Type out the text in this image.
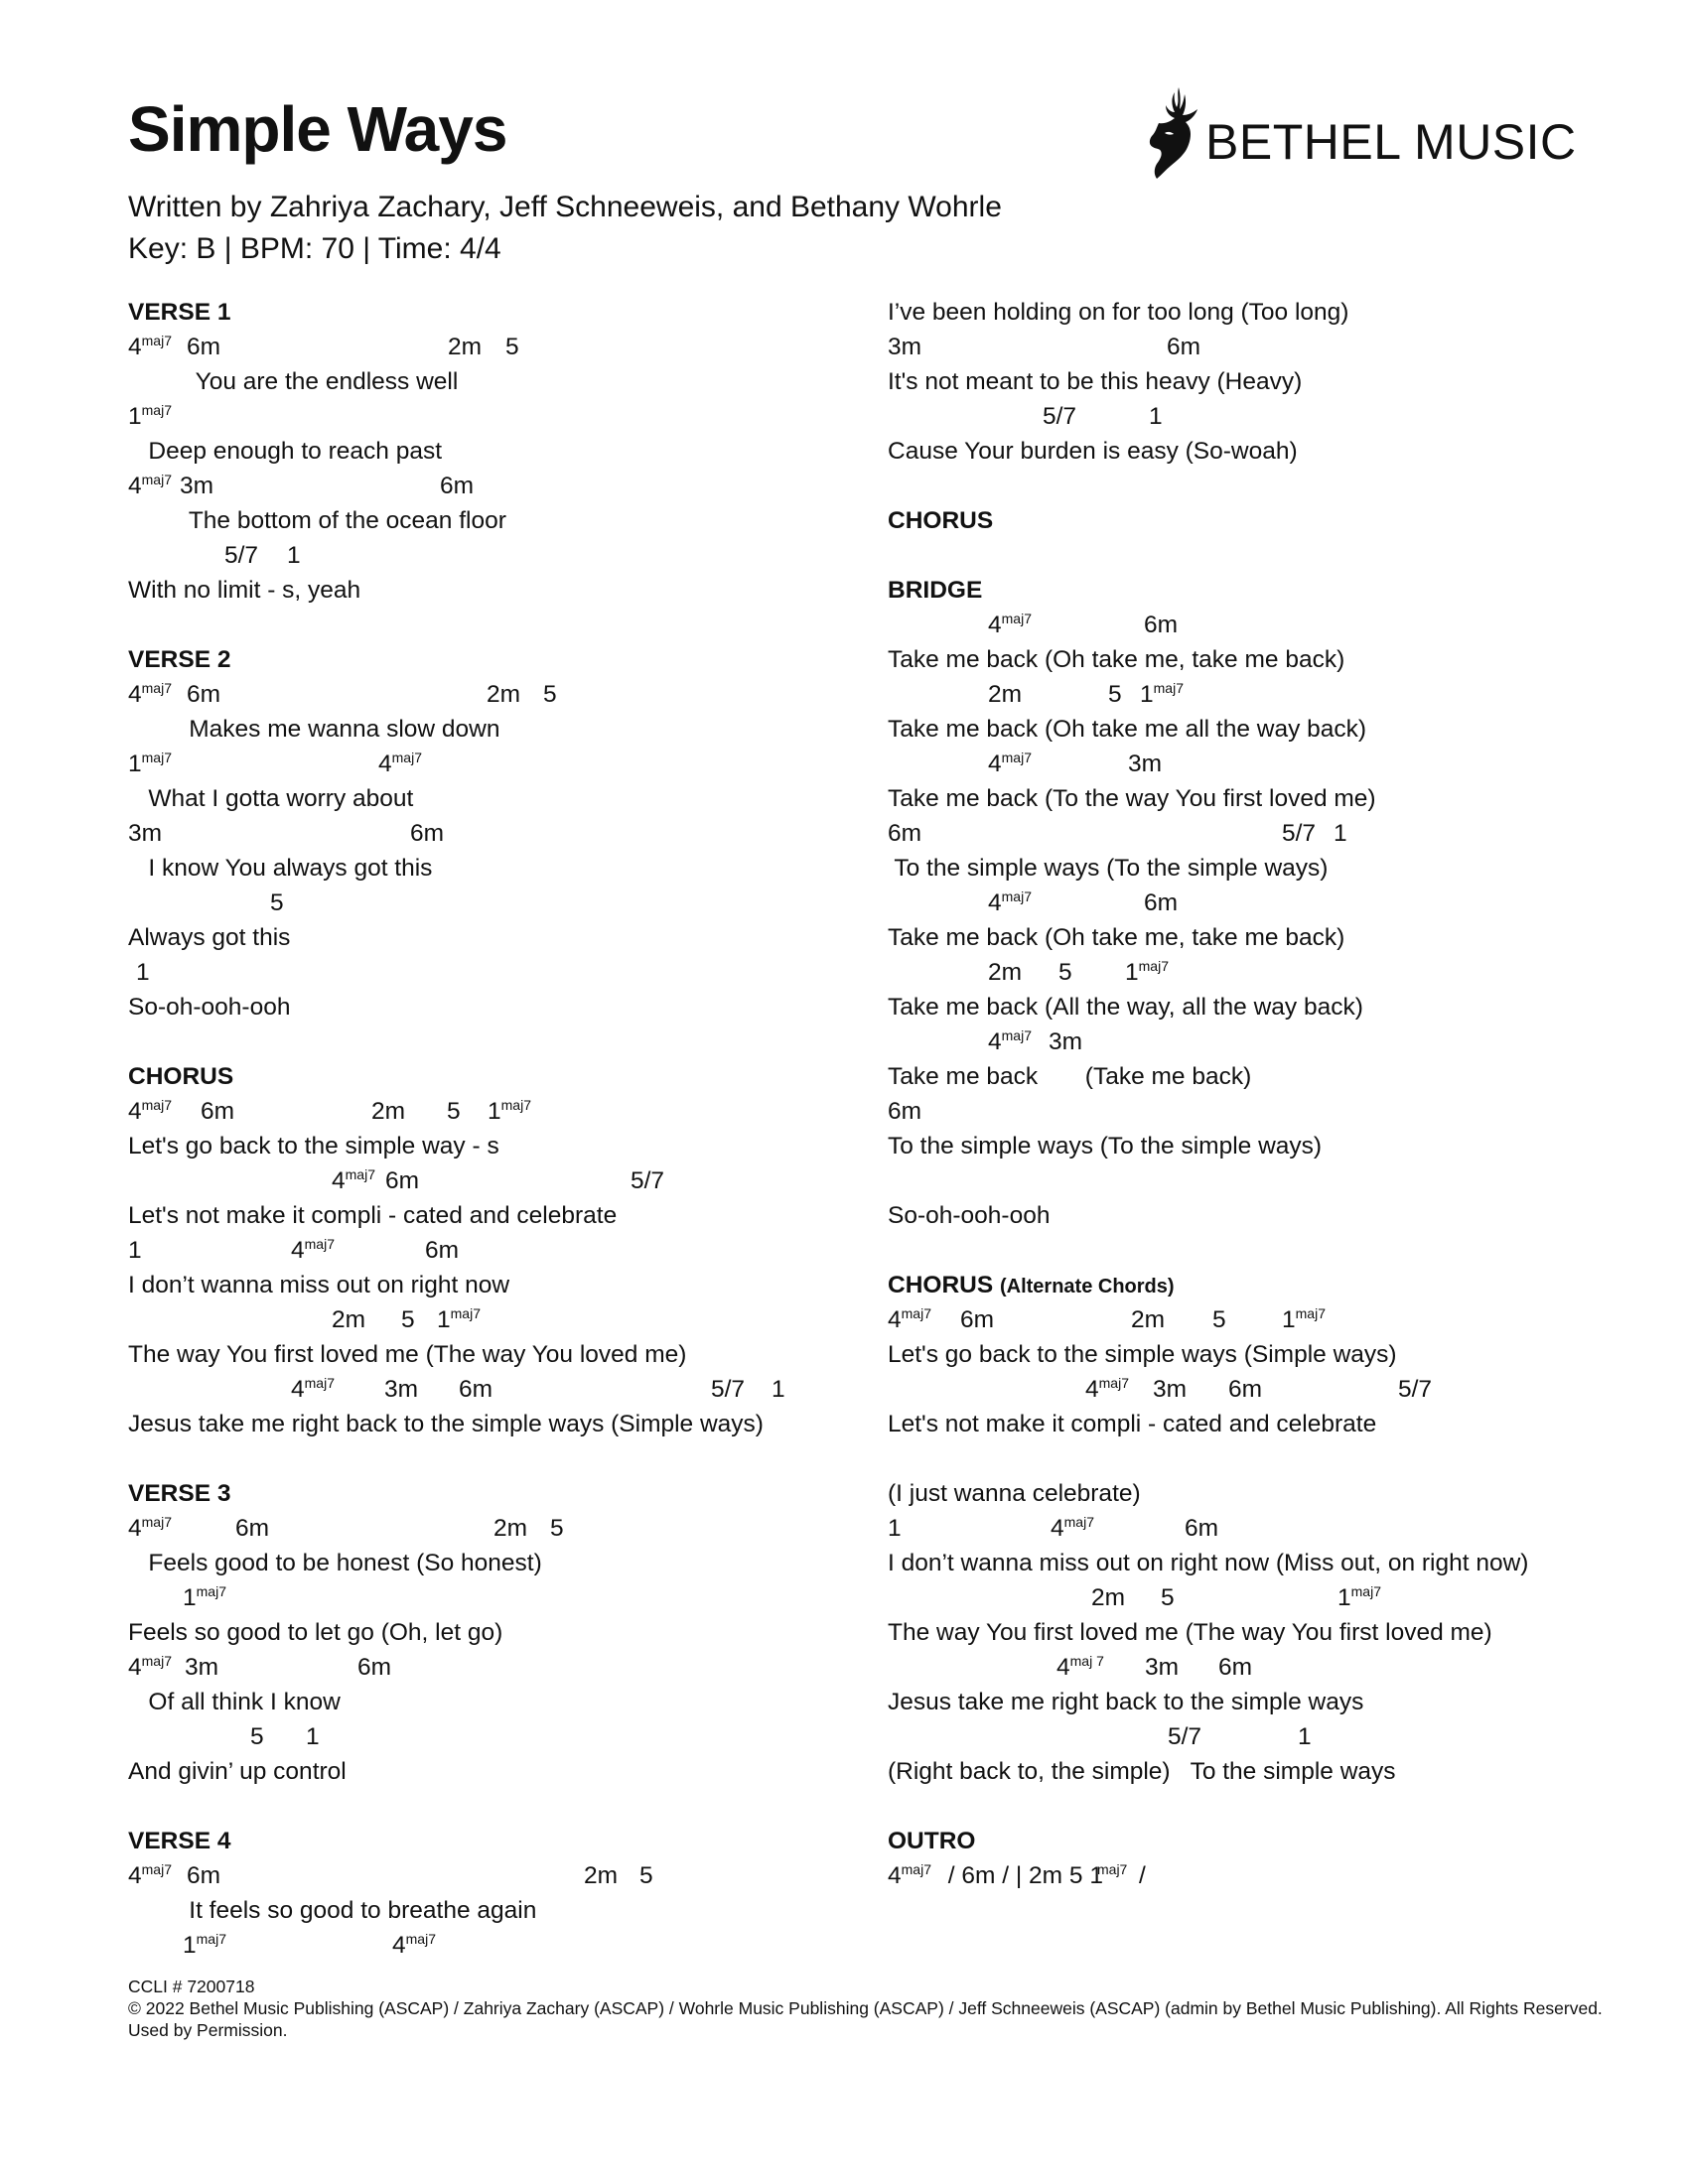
Simple Ways
Written by Zahriya Zachary, Jeff Schneeweis, and Bethany Wohrle
Key: B | BPM: 70 | Time: 4/4
BETHEL MUSIC
VERSE 1
$4^{maj7}$ 6m	2m 5
You are the endless well
$1^{maj7}$
Deep enough to reach past
$4^{maj7}$ 3m	6m
The bottom of the ocean floor
5/7 1
With no limit - s, yeah
VERSE 2
$4^{maj7}$ 6m	2m 5
Makes me wanna slow down
$1^{maj7}$	$4^{maj7}$
What I gotta worry about
3m	6m
I know You always got this
5
Always got this
1
So-oh-ooh-ooh
CHORUS
$4^{maj7}$ 6m	2m 5 $1^{maj7}$
Let's go back to the simple way - s
$4^{maj7}$ 6m	5/7
Let's not make it compli - cated and celebrate
1	$4^{maj7}$	6m
I don’t wanna miss out on right now
2m 5 $1^{maj7}$
The way You first loved me (The way You loved me)
$4^{maj7}$ 3m 6m	5/7 1
Jesus take me right back to the simple ways (Simple ways)
VERSE 3
$4^{maj7}$	6m	2m 5
Feels good to be honest (So honest)
$1^{maj7}$
Feels so good to let go (Oh, let go)
$4^{maj7}$ 3m	6m
Of all think I know
5 1
And givin’ up control
VERSE 4
$4^{maj7}$ 6m	2m 5
It feels so good to breathe again
$1^{maj7}$	$4^{maj7}$
I’ve been holding on for too long (Too long)
3m	6m
It's not meant to be this heavy (Heavy)
5/7	1
Cause Your burden is easy (So-woah)
CHORUS
BRIDGE
$4^{maj7}$	6m
Take me back (Oh take me, take me back)
2m	5 $1^{maj7}$
Take me back (Oh take me all the way back)
$4^{maj7}$	3m
Take me back (To the way You first loved me)
6m	5/7 1
To the simple ways (To the simple ways)
$4^{maj7}$	6m
Take me back (Oh take me, take me back)
2m 5 $1^{maj7}$
Take me back (All the way, all the way back)
$4^{maj7}$ 3m
Take me back       (Take me back)
6m
To the simple ways (To the simple ways)
So-oh-ooh-ooh
CHORUS (Alternate Chords)
$4^{maj7}$ 6m	2m 5 $1^{maj7}$
Let's go back to the simple ways (Simple ways)
$4^{maj7}$ 3m 6m	5/7
Let's not make it compli - cated and celebrate
(I just wanna celebrate)
1	$4^{maj7}$	6m
I don’t wanna miss out on right now (Miss out, on right now)
2m 5	$1^{maj7}$
The way You first loved me (The way You first loved me)
$4^{maj 7}$ 3m 6m
Jesus take me right back to the simple ways
5/7	1
(Right back to, the simple)   To the simple ways
OUTRO
$4^{maj7} / 6m$ / | 2m 5 1
$^{maj7}$ /
CCLI # 7200718
© 2022 Bethel Music Publishing (ASCAP) / Zahriya Zachary (ASCAP) / Wohrle Music Publishing (ASCAP) / Jeff Schneeweis (ASCAP) (admin by Bethel Music Publishing). All Rights Reserved. Used by Permission.
